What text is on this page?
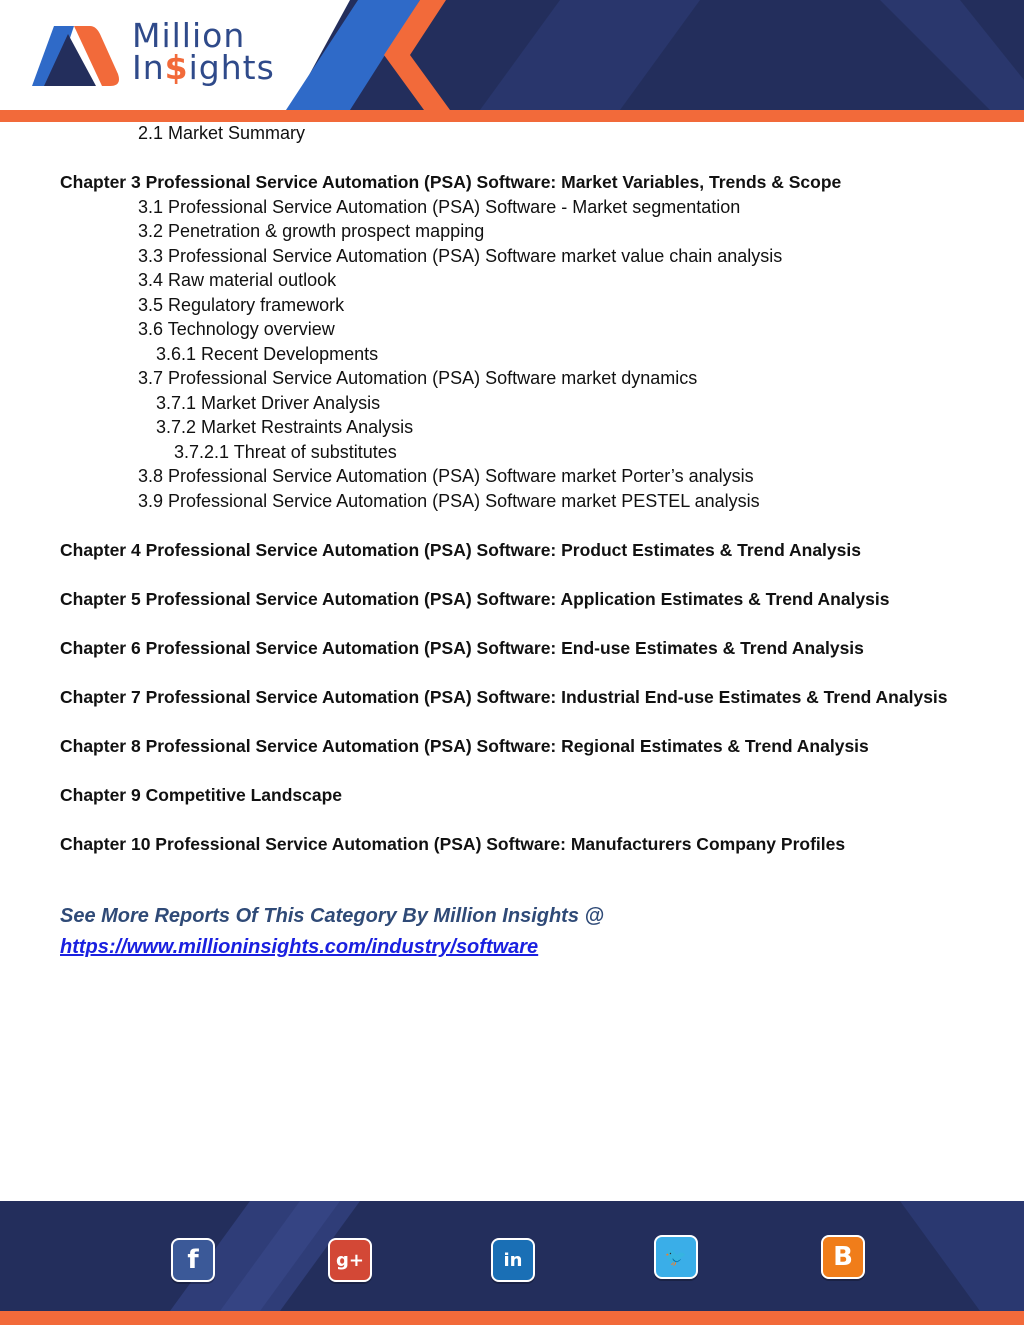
Million
In$ights
2.1 Market Summary
Chapter 3 Professional Service Automation (PSA) Software: Market Variables, Trends & Scope
3.1 Professional Service Automation (PSA) Software - Market segmentation
3.2 Penetration & growth prospect mapping
3.3 Professional Service Automation (PSA) Software market value chain analysis
3.4 Raw material outlook
3.5 Regulatory framework
3.6 Technology overview
3.6.1 Recent Developments
3.7 Professional Service Automation (PSA) Software market dynamics
3.7.1 Market Driver Analysis
3.7.2 Market Restraints Analysis
3.7.2.1 Threat of substitutes
3.8 Professional Service Automation (PSA) Software market Porter’s analysis
3.9 Professional Service Automation (PSA) Software market PESTEL analysis
Chapter 4 Professional Service Automation (PSA) Software: Product Estimates & Trend Analysis
Chapter 5 Professional Service Automation (PSA) Software: Application Estimates & Trend Analysis
Chapter 6 Professional Service Automation (PSA) Software: End-use Estimates & Trend Analysis
Chapter 7 Professional Service Automation (PSA) Software: Industrial End-use Estimates & Trend Analysis
Chapter 8 Professional Service Automation (PSA) Software: Regional Estimates & Trend Analysis
Chapter 9 Competitive Landscape
Chapter 10 Professional Service Automation (PSA) Software: Manufacturers Company Profiles
See More Reports Of This Category By Million Insights @
https://www.millioninsights.com/industry/software
f	g+	in	🐦	B
